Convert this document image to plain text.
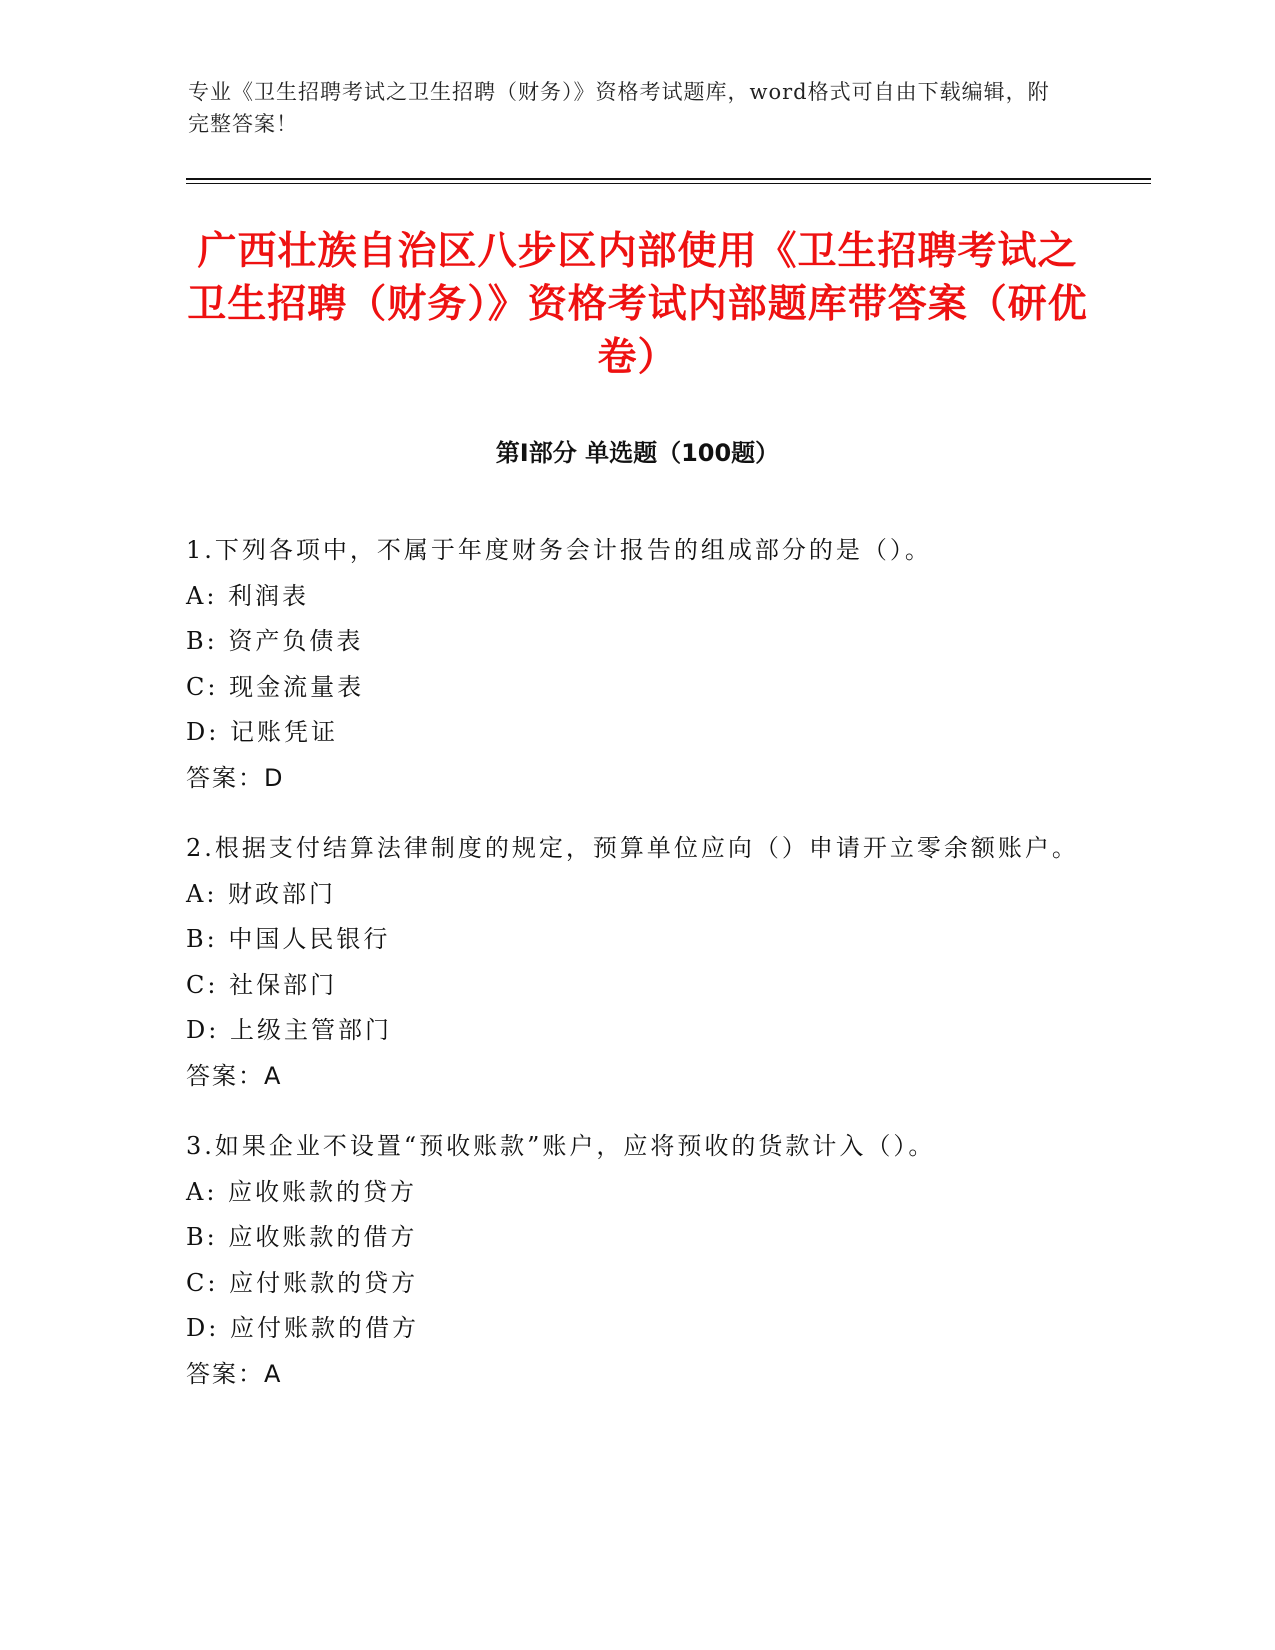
专业《卫生招聘考试之卫生招聘（财务）》资格考试题库，word格式可自由下载编辑，附完整答案！
广西壮族自治区八步区内部使用《卫生招聘考试之卫生招聘（财务）》资格考试内部题库带答案（研优卷）
第Ⅰ部分 单选题（100题）
1.下列各项中，不属于年度财务会计报告的组成部分的是（）。
A: 利润表
B: 资产负债表
C: 现金流量表
D: 记账凭证
答案：D
2.根据支付结算法律制度的规定，预算单位应向（）申请开立零余额账户。
A: 财政部门
B: 中国人民银行
C: 社保部门
D: 上级主管部门
答案：A
3.如果企业不设置“预收账款”账户，应将预收的货款计入（）。
A: 应收账款的贷方
B: 应收账款的借方
C: 应付账款的贷方
D: 应付账款的借方
答案：A
